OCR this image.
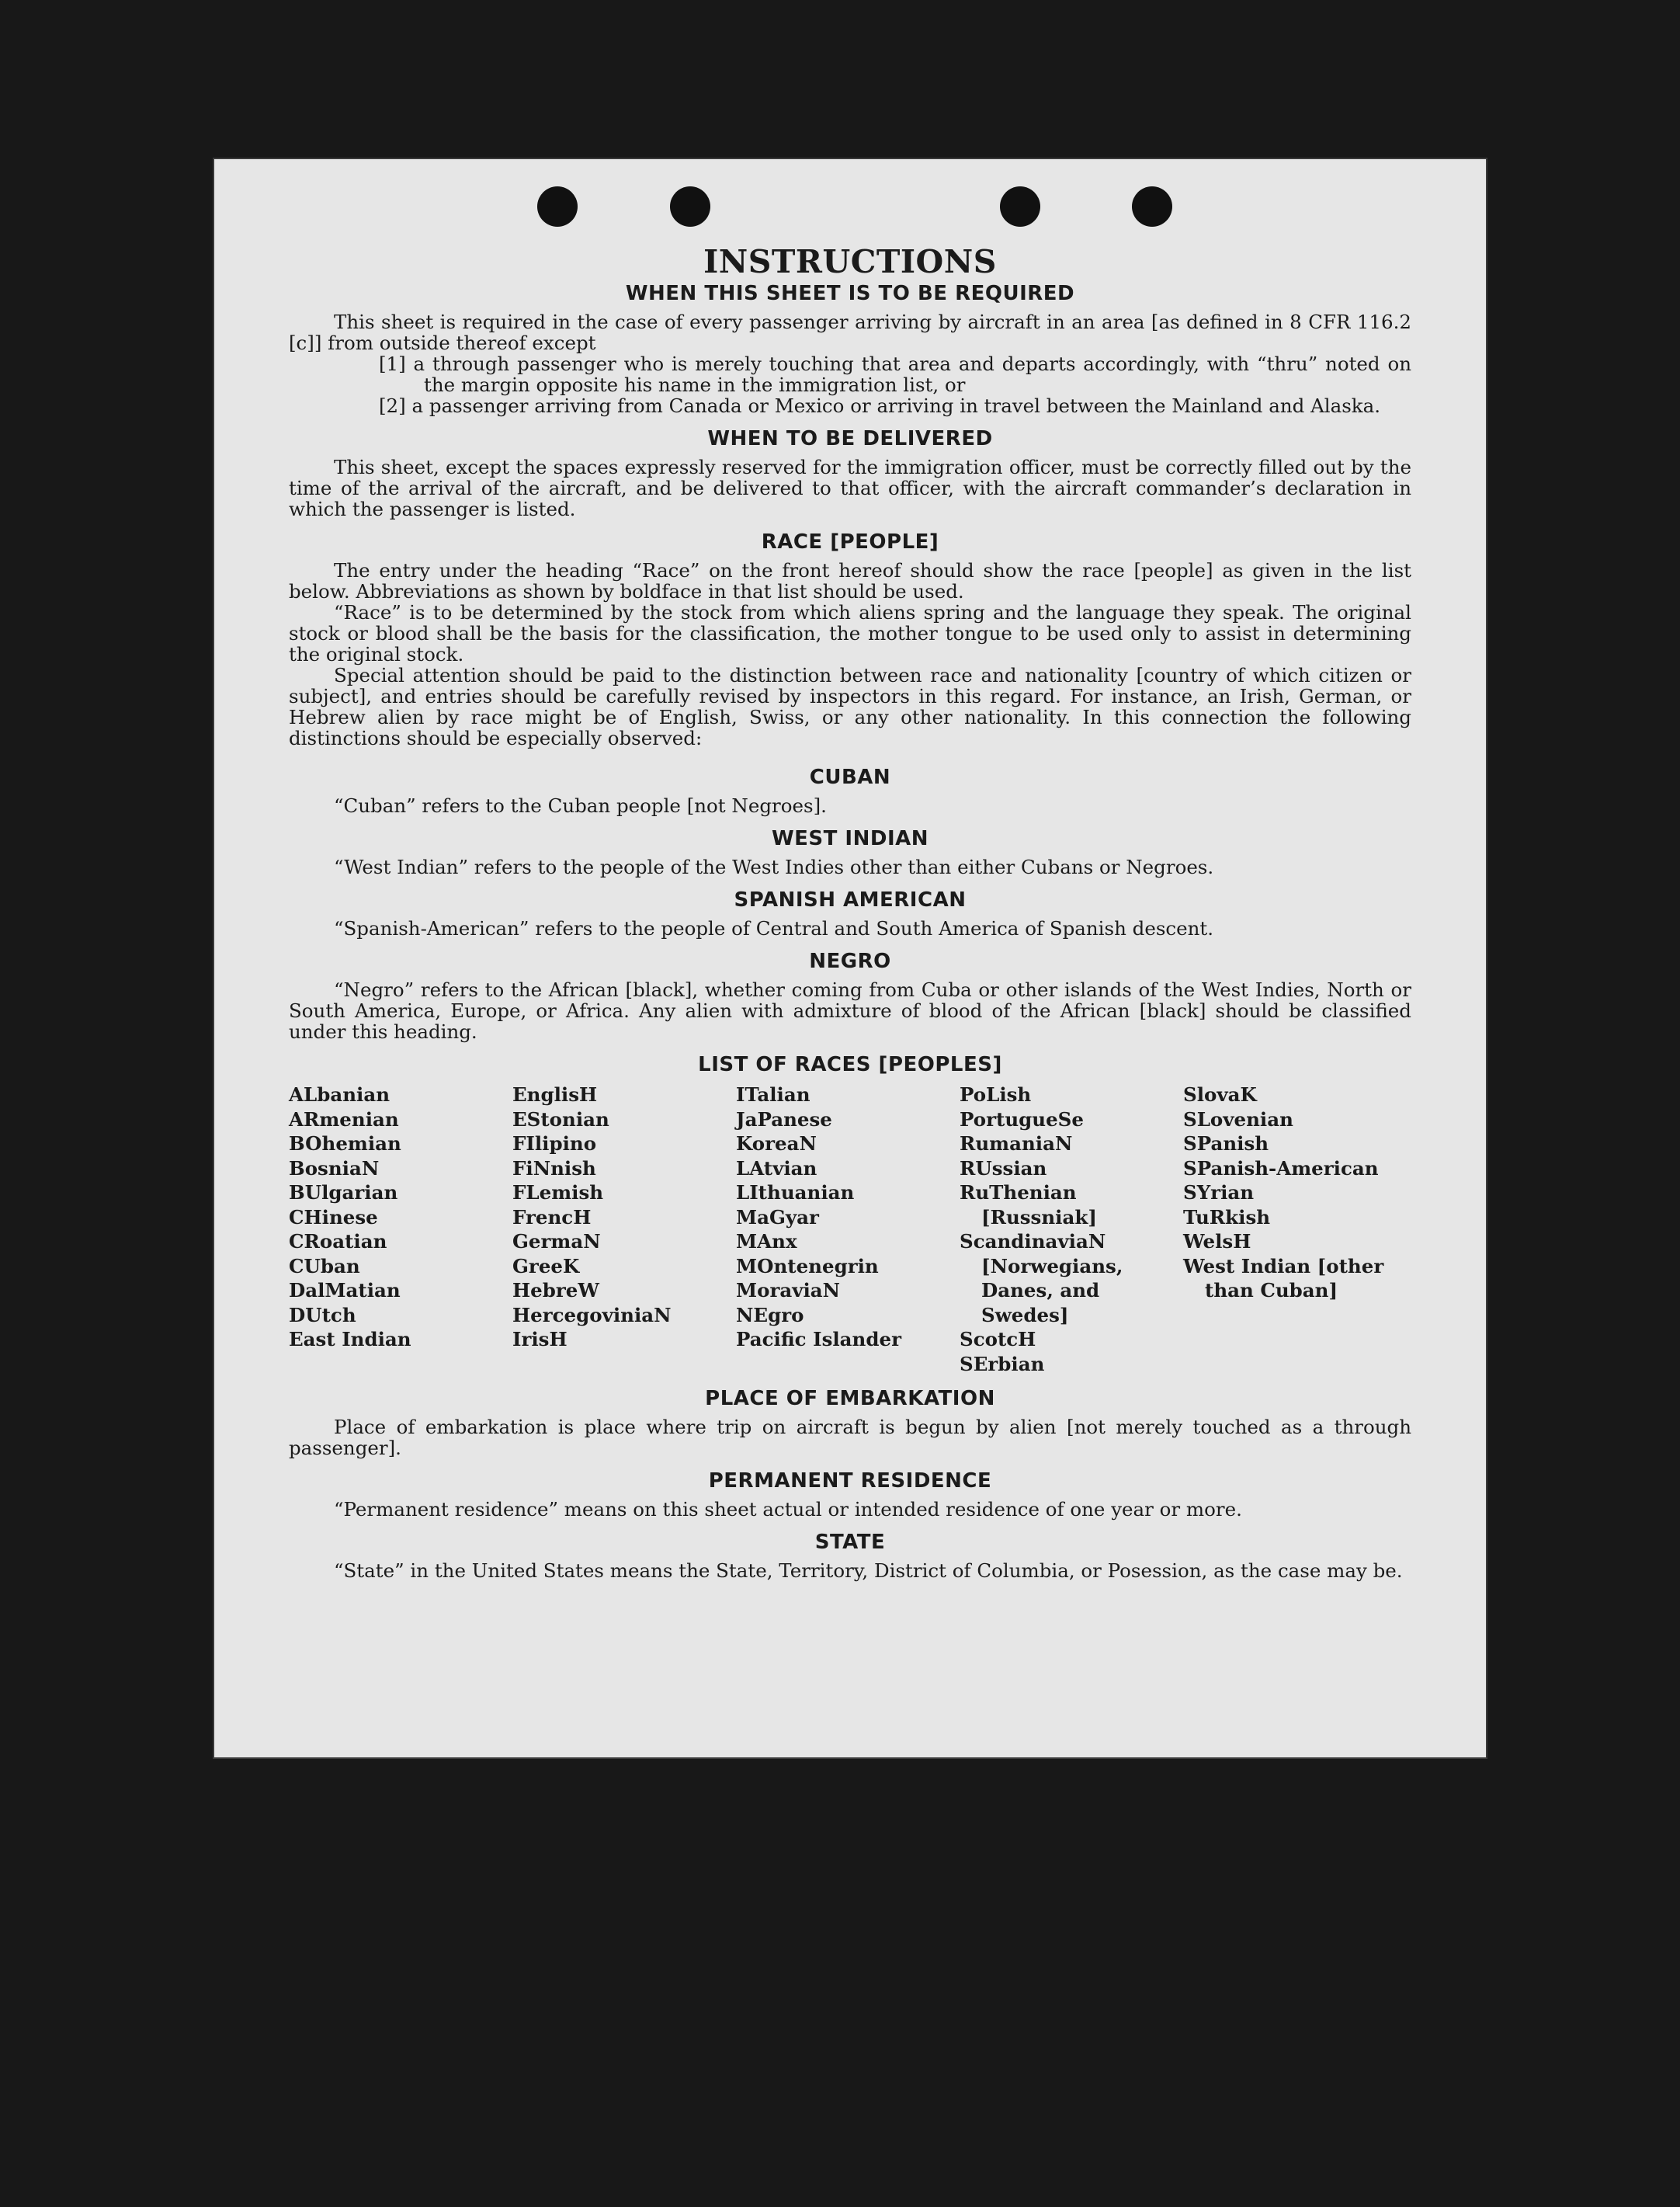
INSTRUCTIONS
WHEN THIS SHEET IS TO BE REQUIRED

This sheet is required in the case of every passenger arriving by aircraft in an area [as defined in 8 CFR 116.2 [c]] from outside thereof except

[1] a through passenger who is merely touching that area and departs accordingly, with “thru” noted on the margin opposite his name in the immigration list, or
[2] a passenger arriving from Canada or Mexico or arriving in travel between the Mainland and Alaska.
WHEN TO BE DELIVERED

This sheet, except the spaces expressly reserved for the immigration officer, must be correctly filled out by the time of the arrival of the aircraft, and be delivered to that officer, with the aircraft commander’s declaration in which the passenger is listed.

RACE [PEOPLE]

The entry under the heading “Race” on the front hereof should show the race [people] as given in the list below. Abbreviations as shown by boldface in that list should be used.

“Race” is to be determined by the stock from which aliens spring and the language they speak. The original stock or blood shall be the basis for the classification, the mother tongue to be used only to assist in determining the original stock.

Special attention should be paid to the distinction between race and nationality [country of which citizen or subject], and entries should be carefully revised by inspectors in this regard. For instance, an Irish, German, or Hebrew alien by race might be of English, Swiss, or any other nationality. In this connection the following distinctions should be especially observed:

CUBAN

“Cuban” refers to the Cuban people [not Negroes].

WEST INDIAN

“West Indian” refers to the people of the West Indies other than either Cubans or Negroes.

SPANISH AMERICAN

“Spanish-American” refers to the people of Central and South America of Spanish descent.

NEGRO

“Negro” refers to the African [black], whether coming from Cuba or other islands of the West Indies, North or South America, Europe, or Africa. Any alien with admixture of blood of the African [black] should be classified under this heading.

LIST OF RACES [PEOPLES]
ALbanian
ARmenian
BOhemian
BosniaN
BUlgarian
CHinese
CRoatian
CUban
DalMatian
DUtch
East Indian
EnglisH
EStonian
FIlipino
FiNnish
FLemish
FrencH
GermaN
GreeK
HebreW
HercegoviniaN
IrisH
ITalian
JaPanese
KoreaN
LAtvian
LIthuanian
MaGyar
MAnx
MOntenegrin
MoraviaN
NEgro
Pacific Islander
PoLish
PortugueSe
RumaniaN
RUssian
RuThenian [Russniak]
ScandinaviaN [Norwegians, Danes, and Swedes]
ScotcH
SErbian
SlovaK
SLovenian
SPanish
SPanish-American
SYrian
TuRkish
WelsH
West Indian [other than Cuban]
PLACE OF EMBARKATION

Place of embarkation is place where trip on aircraft is begun by alien [not merely touched as a through passenger].

PERMANENT RESIDENCE

“Permanent residence” means on this sheet actual or intended residence of one year or more.

STATE

“State” in the United States means the State, Territory, District of Columbia, or Posession, as the case may be.
